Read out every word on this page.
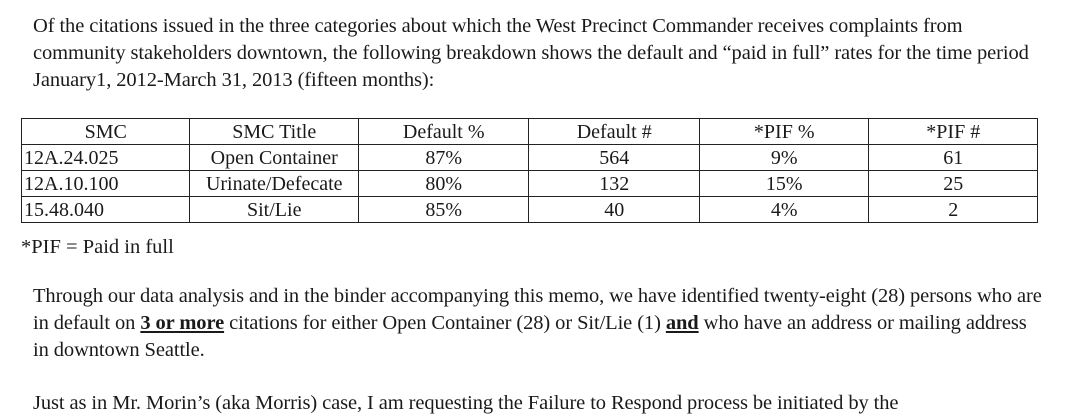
Of the citations issued in the three categories about which the West Precinct Commander receives complaints from community stakeholders downtown, the following breakdown shows the default and “paid in full” rates for the time period January1, 2012-March 31, 2013 (fifteen months):

SMC	SMC Title	Default %	Default #	*PIF %	*PIF #
12A.24.025	Open Container	87%	564	9%	61
12A.10.100	Urinate/Defecate	80%	132	15%	25
15.48.040	Sit/Lie	85%	40	4%	2

*PIF = Paid in full

Through our data analysis and in the binder accompanying this memo, we have identified twenty-eight (28) persons who are in default on 3 or more citations for either Open Container (28) or Sit/Lie (1) and who have an address or mailing address in downtown Seattle.

Just as in Mr. Morin’s (aka Morris) case, I am requesting the Failure to Respond process be initiated by the
